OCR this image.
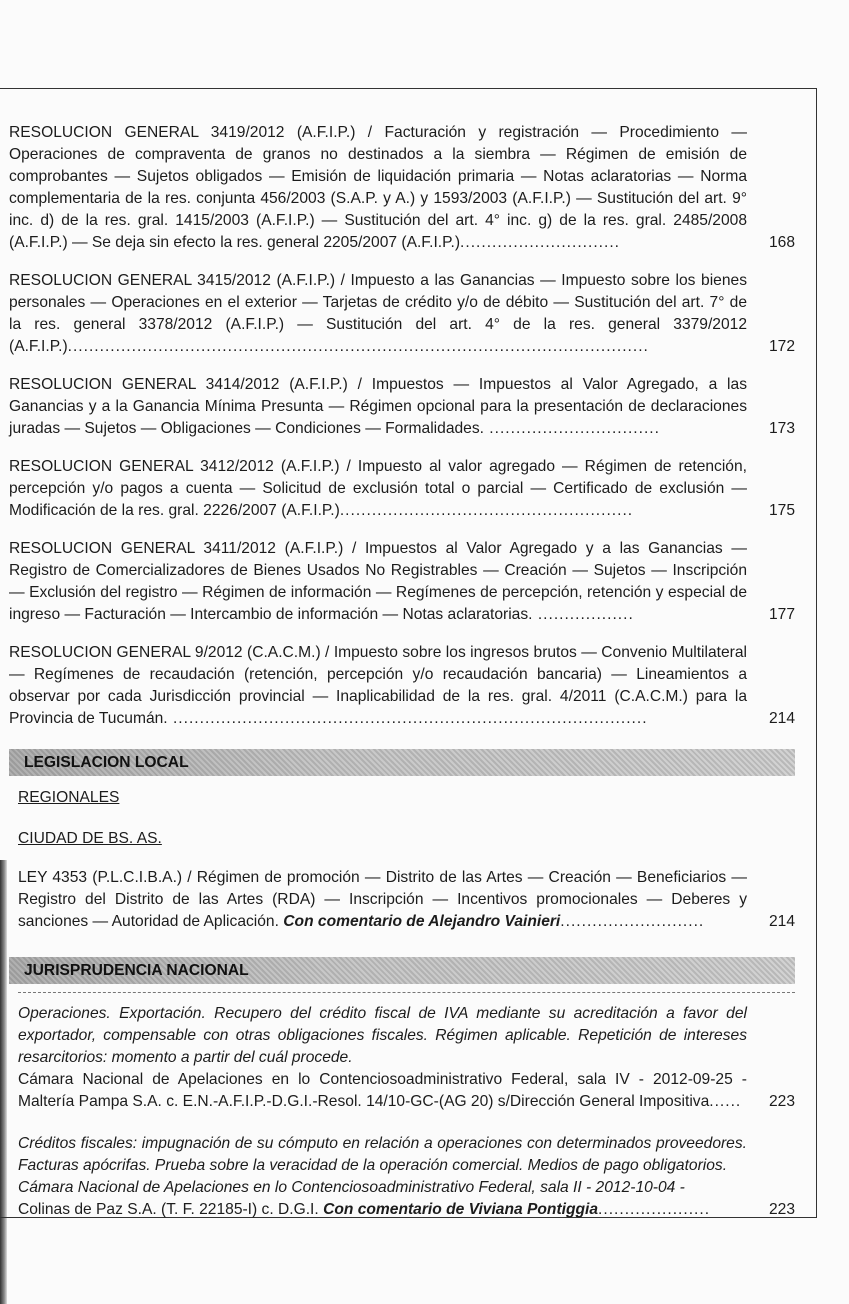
RESOLUCION GENERAL 3419/2012 (A.F.I.P.) / Facturación y registración — Procedimiento — Operaciones de compraventa de granos no destinados a la siembra — Régimen de emisión de comprobantes — Sujetos obligados — Emisión de liquidación primaria — Notas aclaratorias — Norma complementaria de la res. conjunta 456/2003 (S.A.P. y A.) y 1593/2003 (A.F.I.P.) — Sustitución del art. 9° inc. d) de la res. gral. 1415/2003 (A.F.I.P.) — Sustitución del art. 4° inc. g) de la res. gral. 2485/2008 (A.F.I.P.) — Se deja sin efecto la res. general 2205/2007 (A.F.I.P.)..............................	168
RESOLUCION GENERAL 3415/2012 (A.F.I.P.) / Impuesto a las Ganancias — Impuesto sobre los bienes personales — Operaciones en el exterior — Tarjetas de crédito y/o de débito — Sustitución del art. 7° de la res. general 3378/2012 (A.F.I.P.) — Sustitución del art. 4° de la res. general 3379/2012 (A.F.I.P.).............................................................................................................	172
RESOLUCION GENERAL 3414/2012 (A.F.I.P.) / Impuestos — Impuestos al Valor Agregado, a las Ganancias y a la Ganancia Mínima Presunta — Régimen opcional para la presentación de declaraciones juradas — Sujetos — Obligaciones — Condiciones — Formalidades. ................................	173
RESOLUCION GENERAL 3412/2012 (A.F.I.P.) / Impuesto al valor agregado — Régimen de retención, percepción y/o pagos a cuenta — Solicitud de exclusión total o parcial — Certificado de exclusión — Modificación de la res. gral. 2226/2007 (A.F.I.P.).......................................................	175
RESOLUCION GENERAL 3411/2012 (A.F.I.P.) / Impuestos al Valor Agregado y a las Ganancias — Registro de Comercializadores de Bienes Usados No Registrables — Creación — Sujetos — Inscripción — Exclusión del registro — Régimen de información — Regímenes de percepción, retención y especial de ingreso — Facturación — Intercambio de información — Notas aclaratorias. ..................	177
RESOLUCION GENERAL 9/2012 (C.A.C.M.) / Impuesto sobre los ingresos brutos — Convenio Multilateral — Regímenes de recaudación (retención, percepción y/o recaudación bancaria) — Lineamientos a observar por cada Jurisdicción provincial — Inaplicabilidad de la res. gral. 4/2011 (C.A.C.M.) para la Provincia de Tucumán. .........................................................................................	214
LEGISLACION LOCAL
REGIONALES
CIUDAD DE BS. AS.
LEY 4353 (P.L.C.I.B.A.) / Régimen de promoción — Distrito de las Artes — Creación — Beneficiarios — Registro del Distrito de las Artes (RDA) — Inscripción — Incentivos promocionales — Deberes y sanciones — Autoridad de Aplicación. Con comentario de Alejandro Vainieri...........................	214
JURISPRUDENCIA NACIONAL
Operaciones. Exportación. Recupero del crédito fiscal de IVA mediante su acreditación a favor del exportador, compensable con otras obligaciones fiscales. Régimen aplicable. Repetición de intereses resarcitorios: momento a partir del cuál procede.
Cámara Nacional de Apelaciones en lo Contenciosoadministrativo Federal, sala IV - 2012-09-25 - Maltería Pampa S.A. c. E.N.-A.F.I.P.-D.G.I.-Resol. 14/10-GC-(AG 20) s/Dirección General Impositiva......	223
Créditos fiscales: impugnación de su cómputo en relación a operaciones con determinados proveedores. Facturas apócrifas. Prueba sobre la veracidad de la operación comercial. Medios de pago obligatorios.
Cámara Nacional de Apelaciones en lo Contenciosoadministrativo Federal, sala II - 2012-10-04 -
Colinas de Paz S.A. (T. F. 22185-I) c. D.G.I. Con comentario de Viviana Pontiggia.....................	223
